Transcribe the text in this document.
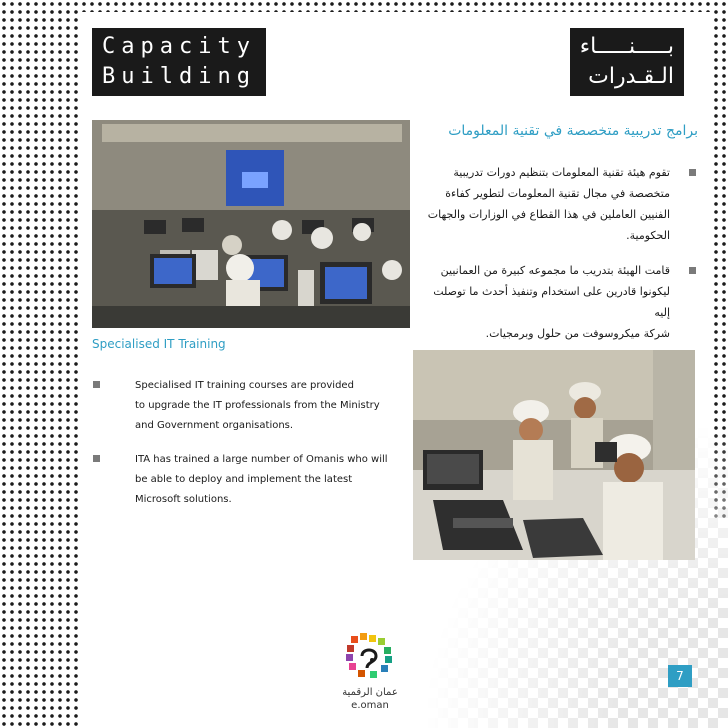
Capacity
Building
بـــــنـــــاء
الـقـدرات
برامج تدريبية متخصصة في تقنية المعلومات
تقوم هيئة تقنية المعلومات بتنظيم دورات تدريبية
متخصصة في مجال تقنية المعلومات لتطوير كفاءة
الفنيين العاملين في هذا القطاع في الوزارات والجهات
الحكومية.
قامت الهيئة بتدريب ما مجموعه كبيرة من العمانيين
ليكونوا قادرين على استخدام وتنفيذ أحدث ما توصلت إليه
شركة ميكروسوفت من حلول وبرمجيات.
Specialised IT Training
Specialised IT training courses are provided
to upgrade the IT professionals from the Ministry
and Government organisations.
ITA has trained a large number of Omanis who will
be able to deploy and implement the latest
Microsoft solutions.
عمان الرقمية
e.oman
7
